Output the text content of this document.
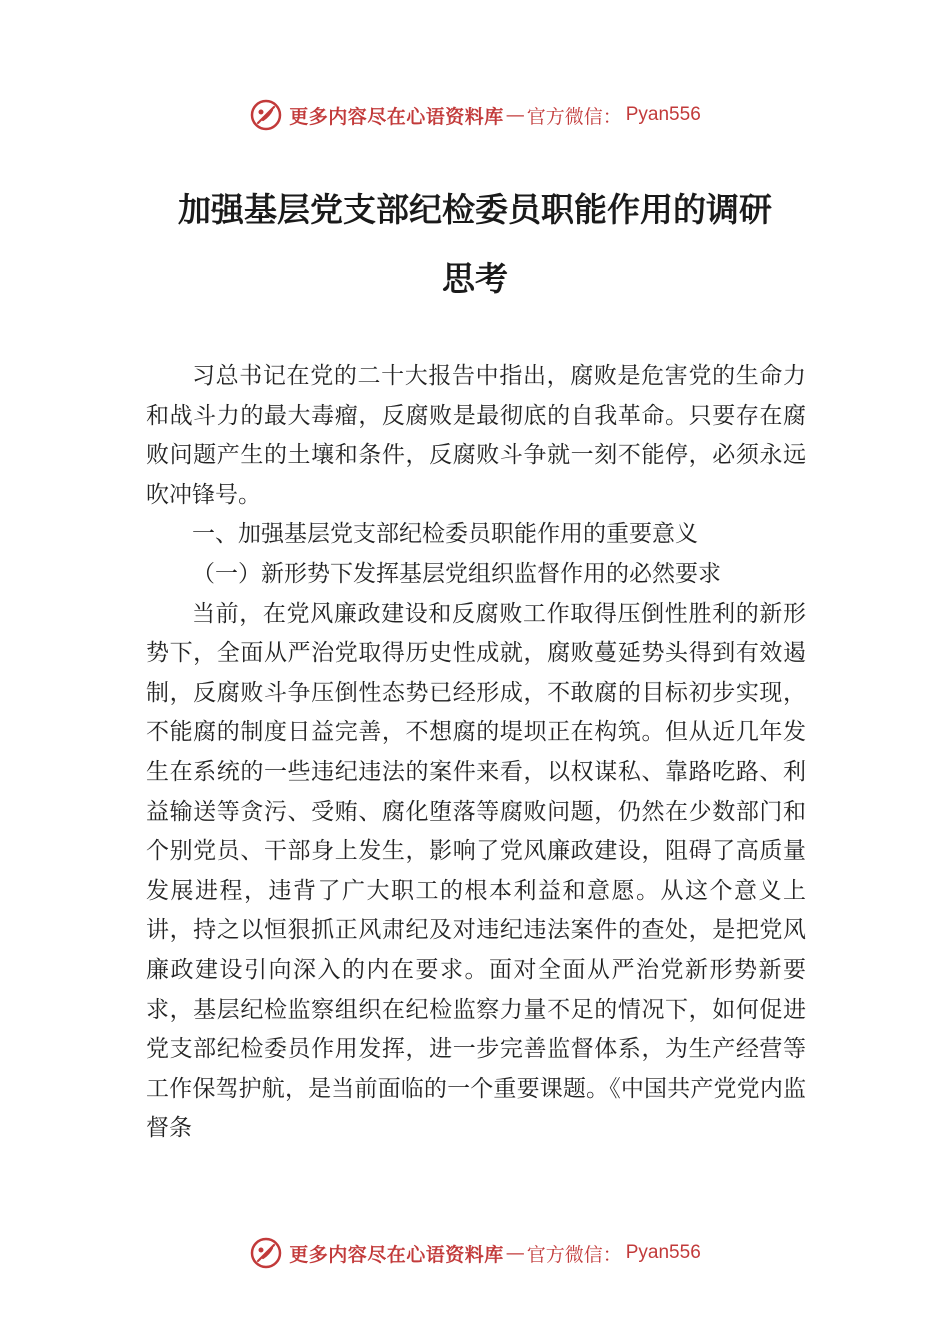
更多内容尽在心语资料库 — 官方微信： Pyan556
加强基层党支部纪检委员职能作用的调研
思考

习总书记在党的二十大报告中指出，腐败是危害党的生命力和战斗力的最大毒瘤，反腐败是最彻底的自我革命。只要存在腐败问题产生的土壤和条件，反腐败斗争就一刻不能停，必须永远吹冲锋号。

一、加强基层党支部纪检委员职能作用的重要意义

（一）新形势下发挥基层党组织监督作用的必然要求

当前，在党风廉政建设和反腐败工作取得压倒性胜利的新形势下，全面从严治党取得历史性成就，腐败蔓延势头得到有效遏制，反腐败斗争压倒性态势已经形成，不敢腐的目标初步实现，不能腐的制度日益完善，不想腐的堤坝正在构筑。但从近几年发生在系统的一些违纪违法的案件来看，以权谋私、靠路吃路、利益输送等贪污、受贿、腐化堕落等腐败问题，仍然在少数部门和个别党员、干部身上发生，影响了党风廉政建设，阻碍了高质量发展进程，违背了广大职工的根本利益和意愿。从这个意义上讲，持之以恒狠抓正风肃纪及对违纪违法案件的查处，是把党风廉政建设引向深入的内在要求。面对全面从严治党新形势新要求，基层纪检监察组织在纪检监察力量不足的情况下，如何促进党支部纪检委员作用发挥，进一步完善监督体系，为生产经营等工作保驾护航，是当前面临的一个重要课题。《中国共产党党内监督条

更多内容尽在心语资料库 — 官方微信： Pyan556
